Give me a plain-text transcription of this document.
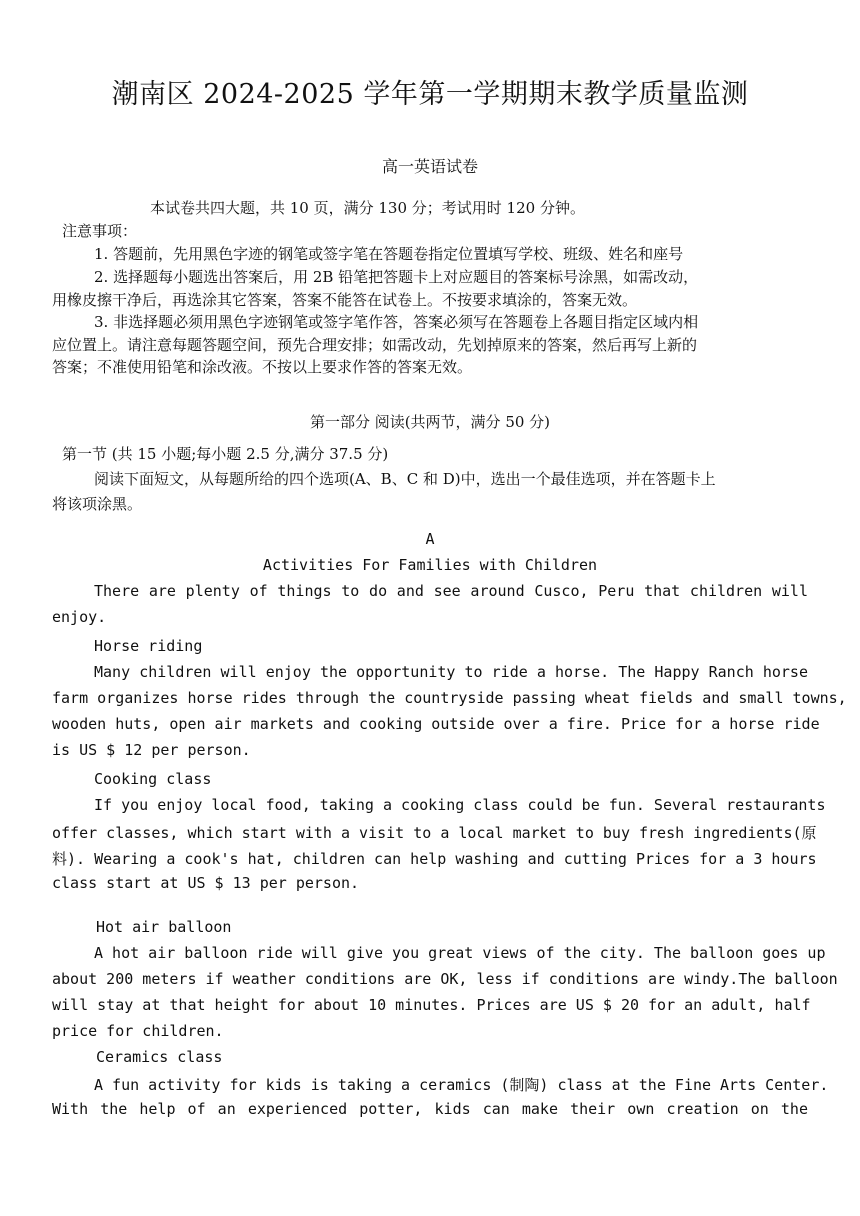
潮南区 2024-2025 学年第一学期期末教学质量监测
高一英语试卷
本试卷共四大题，共 10 页，满分 130 分；考试用时 120 分钟。
注意事项：
1. 答题前，先用黑色字迹的钢笔或签字笔在答题卷指定位置填写学校、班级、姓名和座号
2. 选择题每小题选出答案后，用 2B 铅笔把答题卡上对应题目的答案标号涂黑，如需改动，
用橡皮擦干净后，再选涂其它答案，答案不能答在试卷上。不按要求填涂的，答案无效。
3. 非选择题必须用黑色字迹钢笔或签字笔作答，答案必须写在答题卷上各题目指定区域内相
应位置上。请注意每题答题空间，预先合理安排；如需改动，先划掉原来的答案，然后再写上新的
答案；不准使用铅笔和涂改液。不按以上要求作答的答案无效。
第一部分 阅读(共两节，满分 50 分)
第一节 (共 15 小题;每小题 2.5 分,满分 37.5 分)
阅读下面短文，从每题所给的四个选项(A、B、C 和 D)中，选出一个最佳选项，并在答题卡上
将该项涂黑。
A
Activities For Families with Children
There are plenty of things to do and see around Cusco, Peru that children will
enjoy.
Horse riding
Many children will enjoy the opportunity to ride a horse. The Happy Ranch horse
farm organizes horse rides through the countryside passing wheat fields and small towns,
wooden huts, open air markets and cooking outside over a fire. Price for a horse ride
is US $ 12 per person.
Cooking class
If you enjoy local food, taking a cooking class could be fun. Several restaurants
offer classes, which start with a visit to a local market to buy fresh ingredients(原
料). Wearing a cook's hat, children can help washing and cutting Prices for a 3 hours
class start at US $ 13 per person.
Hot air balloon
A hot air balloon ride will give you great views of the city. The balloon goes up
about 200 meters if weather conditions are OK, less if conditions are windy.The balloon
will stay at that height for about 10 minutes. Prices are US $ 20 for an adult, half
price for children.
Ceramics class
A fun activity for kids is taking a ceramics (制陶) class at the Fine Arts Center.
With the help of an experienced potter, kids can make their own creation on the
